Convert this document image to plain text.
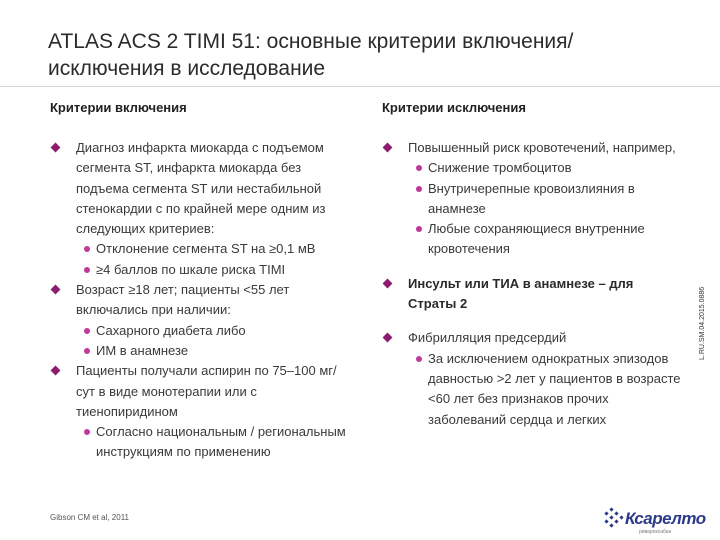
ATLAS ACS 2 TIMI 51: основные критерии включения/исключения в исследование
Критерии включения	Критерии исключения
Диагноз инфаркта миокарда с подъемом сегмента ST, инфаркта миокарда без подъема сегмента ST или нестабильной стенокардии с по крайней мере одним из следующих критериев:
Отклонение сегмента ST на ≥0,1 мВ
≥4 баллов по шкале риска TIMI
Возраст ≥18 лет; пациенты <55 лет включались при наличии:
Сахарного диабета либо
ИМ в анамнезе
Пациенты получали аспирин по 75–100 мг/сут в виде монотерапии или с тиенопиридином
Согласно национальным / региональным инструкциям по применению
Повышенный риск кровотечений, например,
Снижение тромбоцитов
Внутричерепные кровоизлияния в анамнезе
Любые сохраняющиеся внутренние кровотечения
Инсульт или ТИА в анамнезе – для Страты 2
Фибрилляция предсердий
За исключением однократных эпизодов давностью >2 лет у пациентов в возрасте <60 лет без признаков прочих заболеваний сердца и легких
Gibson CM et al, 2011
L.RU.SM.04.2015.0886
Ксарелто
ривароксабан
